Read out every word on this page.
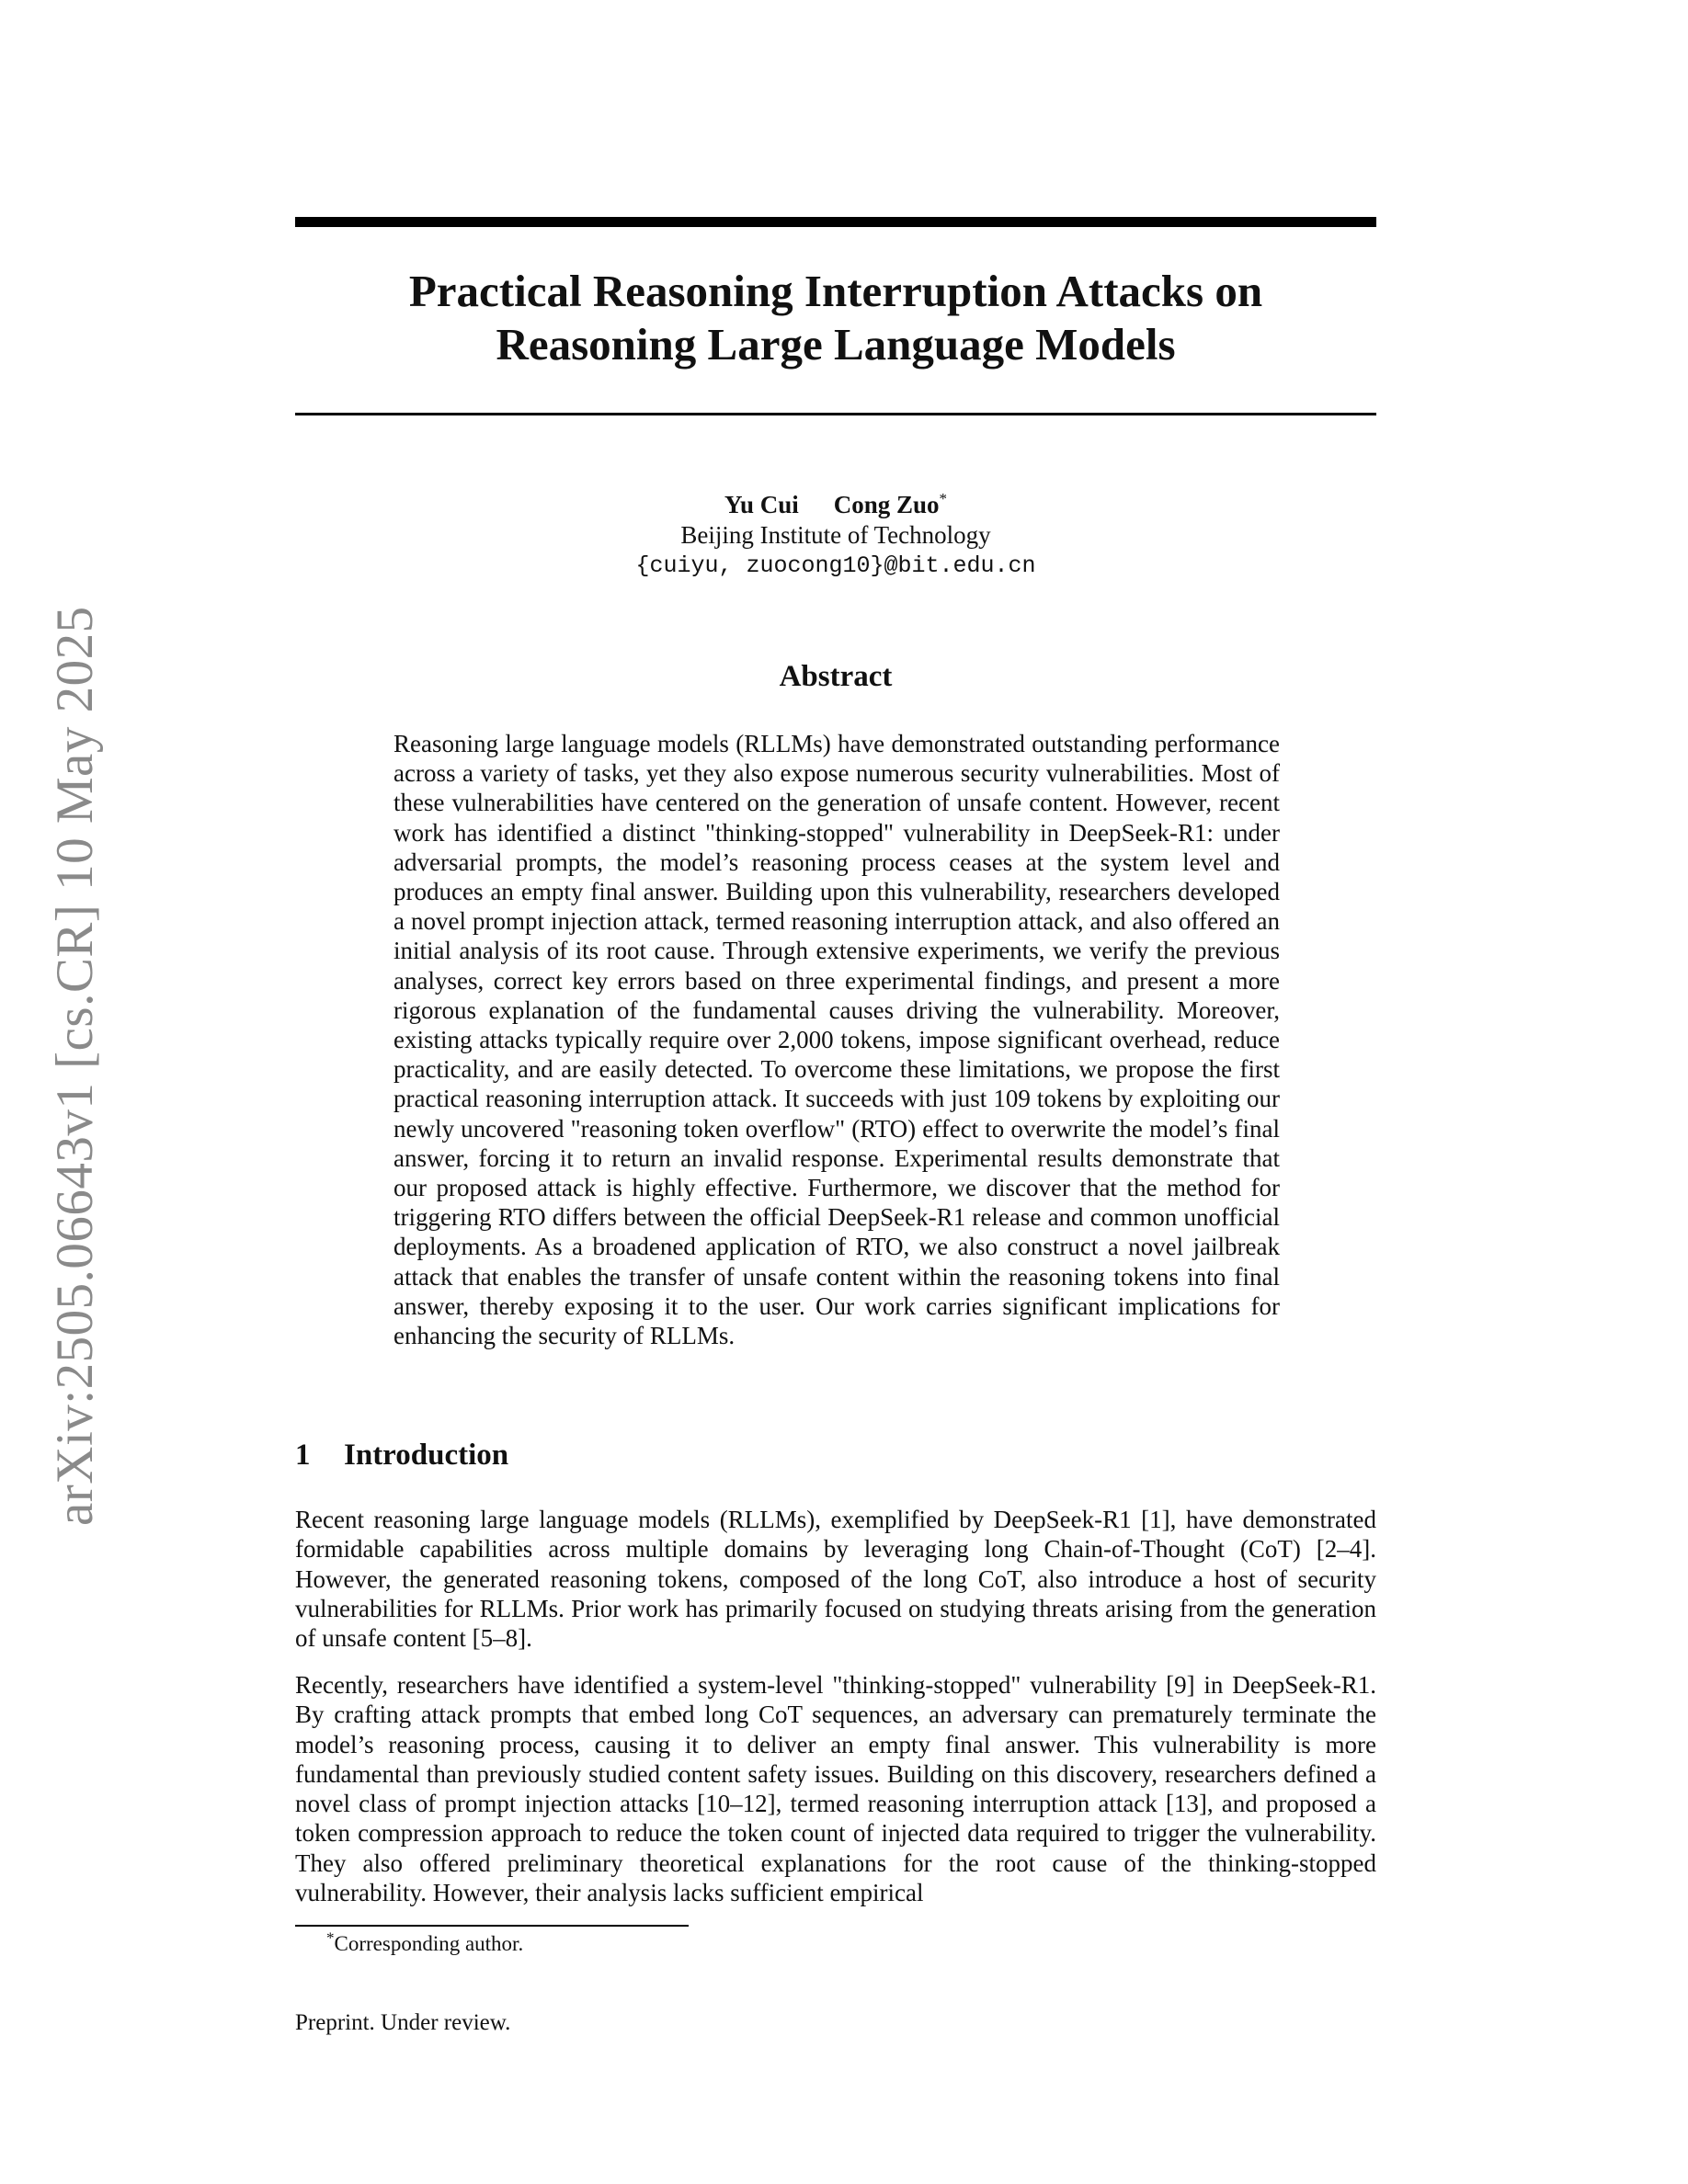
arXiv:2505.06643v1 [cs.CR] 10 May 2025
Practical Reasoning Interruption Attacks on
Reasoning Large Language Models
Yu Cui Cong Zuo*
Beijing Institute of Technology
{cuiyu, zuocong10}@bit.edu.cn
Abstract

Reasoning large language models (RLLMs) have demonstrated outstanding performance across a variety of tasks, yet they also expose numerous security vulnerabilities. Most of these vulnerabilities have centered on the generation of unsafe content. However, recent work has identified a distinct "thinking-stopped" vulnerability in DeepSeek-R1: under adversarial prompts, the model’s reasoning process ceases at the system level and produces an empty final answer. Building upon this vulnerability, researchers developed a novel prompt injection attack, termed reasoning interruption attack, and also offered an initial analysis of its root cause. Through extensive experiments, we verify the previous analyses, correct key errors based on three experimental findings, and present a more rigorous explanation of the fundamental causes driving the vulnerability. Moreover, existing attacks typically require over 2,000 tokens, impose significant overhead, reduce practicality, and are easily detected. To overcome these limitations, we propose the first practical reasoning interruption attack. It succeeds with just 109 tokens by exploiting our newly uncovered "reasoning token overflow" (RTO) effect to overwrite the model’s final answer, forcing it to return an invalid response. Experimental results demonstrate that our proposed attack is highly effective. Furthermore, we discover that the method for triggering RTO differs between the official DeepSeek-R1 release and common unofficial deployments. As a broadened application of RTO, we also construct a novel jailbreak attack that enables the transfer of unsafe content within the reasoning tokens into final answer, thereby exposing it to the user. Our work carries significant implications for enhancing the security of RLLMs.

1 Introduction

Recent reasoning large language models (RLLMs), exemplified by DeepSeek-R1 [1], have demonstrated formidable capabilities across multiple domains by leveraging long Chain-of-Thought (CoT) [2–4]. However, the generated reasoning tokens, composed of the long CoT, also introduce a host of security vulnerabilities for RLLMs. Prior work has primarily focused on studying threats arising from the generation of unsafe content [5–8].

Recently, researchers have identified a system-level "thinking-stopped" vulnerability [9] in DeepSeek-R1. By crafting attack prompts that embed long CoT sequences, an adversary can prematurely terminate the model’s reasoning process, causing it to deliver an empty final answer. This vulnerability is more fundamental than previously studied content safety issues. Building on this discovery, researchers defined a novel class of prompt injection attacks [10–12], termed reasoning interruption attack [13], and proposed a token compression approach to reduce the token count of injected data required to trigger the vulnerability. They also offered preliminary theoretical explanations for the root cause of the thinking-stopped vulnerability. However, their analysis lacks sufficient empirical

*Corresponding author.
Preprint. Under review.
